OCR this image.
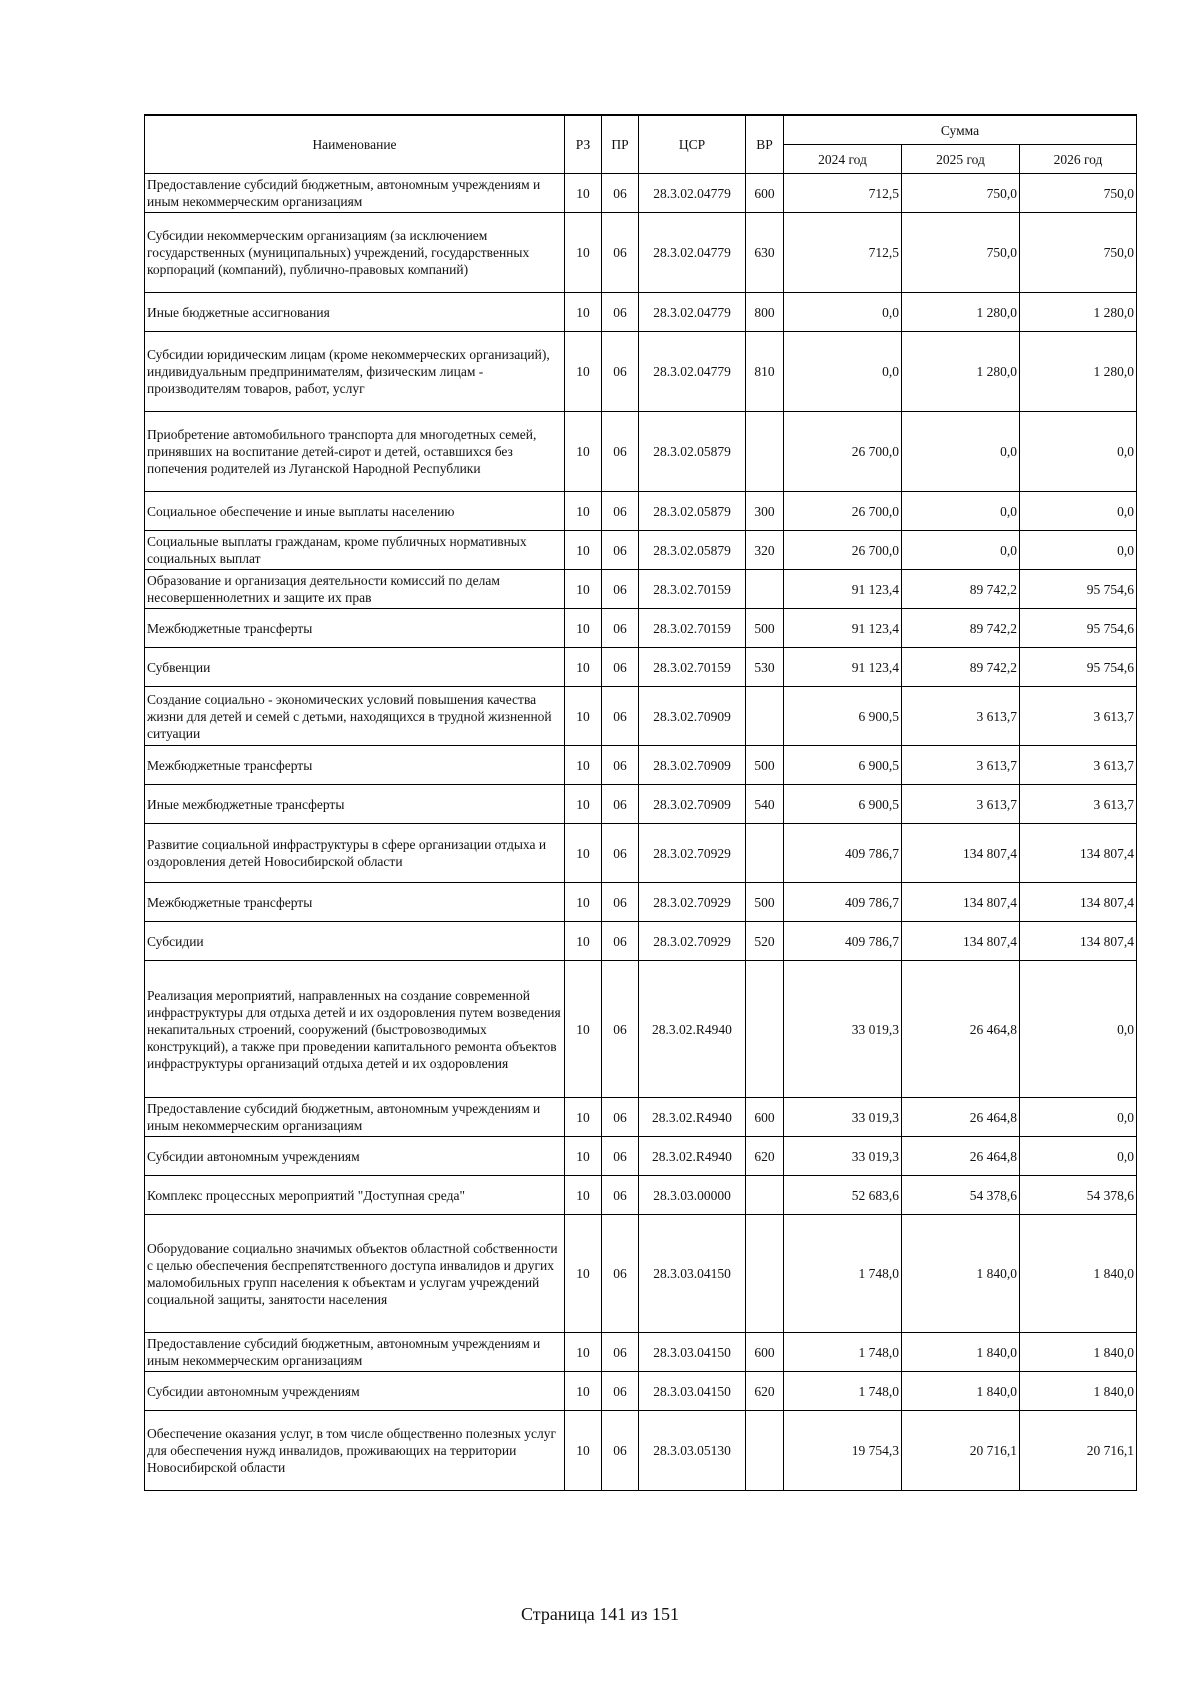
Наименование	РЗ	ПР	ЦСР	ВР	Сумма		
					2024 год	2025 год	2026 год
Предоставление субсидий бюджетным, автономным учреждениям и иным некоммерческим организациям	10	06	28.3.02.04779	600	712,5	750,0	750,0
Субсидии некоммерческим организациям (за исключением государственных (муниципальных) учреждений, государственных корпораций (компаний), публично-правовых компаний)	10	06	28.3.02.04779	630	712,5	750,0	750,0
Иные бюджетные ассигнования	10	06	28.3.02.04779	800	0,0	1 280,0	1 280,0
Субсидии юридическим лицам (кроме некоммерческих организаций), индивидуальным предпринимателям, физическим лицам - производителям товаров, работ, услуг	10	06	28.3.02.04779	810	0,0	1 280,0	1 280,0
Приобретение автомобильного транспорта для многодетных семей, принявших на воспитание детей-сирот и детей, оставшихся без попечения родителей из Луганской Народной Республики	10	06	28.3.02.05879		26 700,0	0,0	0,0
Социальное обеспечение и иные выплаты населению	10	06	28.3.02.05879	300	26 700,0	0,0	0,0
Социальные выплаты гражданам, кроме публичных нормативных социальных выплат	10	06	28.3.02.05879	320	26 700,0	0,0	0,0
Образование и организация деятельности комиссий по делам несовершеннолетних и защите их прав	10	06	28.3.02.70159		91 123,4	89 742,2	95 754,6
Межбюджетные трансферты	10	06	28.3.02.70159	500	91 123,4	89 742,2	95 754,6
Субвенции	10	06	28.3.02.70159	530	91 123,4	89 742,2	95 754,6
Создание социально - экономических условий повышения качества жизни для детей и семей с детьми, находящихся в трудной жизненной ситуации	10	06	28.3.02.70909		6 900,5	3 613,7	3 613,7
Межбюджетные трансферты	10	06	28.3.02.70909	500	6 900,5	3 613,7	3 613,7
Иные межбюджетные трансферты	10	06	28.3.02.70909	540	6 900,5	3 613,7	3 613,7
Развитие социальной инфраструктуры в сфере организации отдыха и оздоровления детей Новосибирской области	10	06	28.3.02.70929		409 786,7	134 807,4	134 807,4
Межбюджетные трансферты	10	06	28.3.02.70929	500	409 786,7	134 807,4	134 807,4
Субсидии	10	06	28.3.02.70929	520	409 786,7	134 807,4	134 807,4
Реализация мероприятий, направленных на создание современной инфраструктуры для отдыха детей и их оздоровления путем возведения некапитальных строений, сооружений (быстровозводимых конструкций), а также при проведении капитального ремонта объектов инфраструктуры организаций отдыха детей и их оздоровления	10	06	28.3.02.R4940		33 019,3	26 464,8	0,0
Предоставление субсидий бюджетным, автономным учреждениям и иным некоммерческим организациям	10	06	28.3.02.R4940	600	33 019,3	26 464,8	0,0
Субсидии автономным учреждениям	10	06	28.3.02.R4940	620	33 019,3	26 464,8	0,0
Комплекс процессных мероприятий "Доступная среда"	10	06	28.3.03.00000		52 683,6	54 378,6	54 378,6
Оборудование социально значимых объектов областной собственности с целью обеспечения беспрепятственного доступа инвалидов и других маломобильных групп населения к объектам и услугам учреждений социальной защиты, занятости населения	10	06	28.3.03.04150		1 748,0	1 840,0	1 840,0
Предоставление субсидий бюджетным, автономным учреждениям и иным некоммерческим организациям	10	06	28.3.03.04150	600	1 748,0	1 840,0	1 840,0
Субсидии автономным учреждениям	10	06	28.3.03.04150	620	1 748,0	1 840,0	1 840,0
Обеспечение оказания услуг, в том числе общественно полезных услуг для обеспечения нужд инвалидов, проживающих на территории Новосибирской области	10	06	28.3.03.05130		19 754,3	20 716,1	20 716,1
Страница 141 из 151
